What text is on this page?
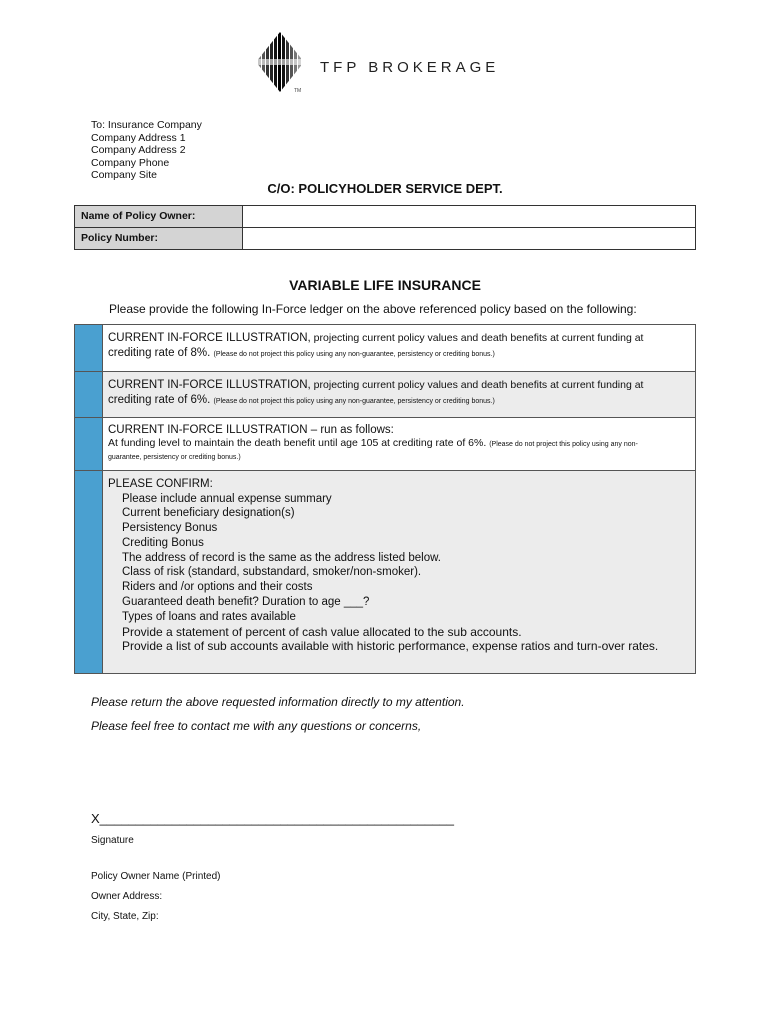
TFP BROKERAGE
TM
To: Insurance Company
Company Address 1
Company Address 2
Company Phone
Company Site
C/O: POLICYHOLDER SERVICE DEPT.
Name of Policy Owner:
Policy Number:
VARIABLE LIFE INSURANCE
Please provide the following In-Force ledger on the above referenced policy based on the following:
CURRENT IN-FORCE ILLUSTRATION, projecting current policy values and death benefits at current funding at
crediting rate of 8%. (Please do not project this policy using any non-guarantee, persistency or crediting bonus.)
CURRENT IN-FORCE ILLUSTRATION, projecting current policy values and death benefits at current funding at
crediting rate of 6%. (Please do not project this policy using any non-guarantee, persistency or crediting bonus.)
CURRENT IN-FORCE ILLUSTRATION – run as follows:
At funding level to maintain the death benefit until age 105 at crediting rate of 6%. (Please do not project this policy using any non-
guarantee, persistency or crediting bonus.)
PLEASE CONFIRM:
Please include annual expense summary
Current beneficiary designation(s)
Persistency Bonus
Crediting Bonus
The address of record is the same as the address listed below.
Class of risk (standard, substandard, smoker/non-smoker).
Riders and /or options and their costs
Guaranteed death benefit? Duration to age ___?
Types of loans and rates available
Provide a statement of percent of cash value allocated to the sub accounts.
Provide a list of sub accounts available with historic performance, expense ratios and turn-over rates.
Please return the above requested information directly to my attention.
Please feel free to contact me with any questions or concerns,
X_________________________________________________
Signature
Policy Owner Name (Printed)
Owner Address:
City, State, Zip:
